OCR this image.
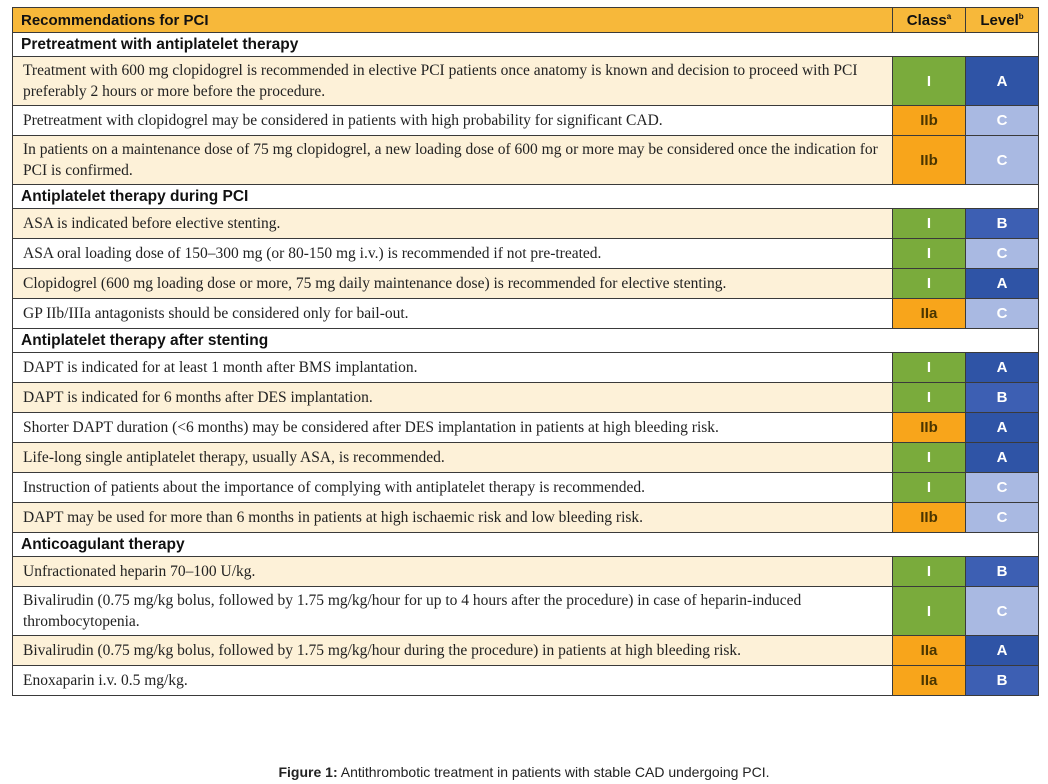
Recommendations for PCI	Class$^a$	Level$^b$
Pretreatment with antiplatelet therapy		
Treatment with 600 mg clopidogrel is recommended in elective PCI patients once anatomy is known and decision to proceed with PCI preferably 2 hours or more before the procedure.	I	A
Pretreatment with clopidogrel may be considered in patients with high probability for significant CAD.	IIb	C
In patients on a maintenance dose of 75 mg clopidogrel, a new loading dose of 600 mg or more may be considered once the indication for PCI is confirmed.	IIb	C
Antiplatelet therapy during PCI		
ASA is indicated before elective stenting.	I	B
ASA oral loading dose of 150–300 mg (or 80-150 mg i.v.) is recommended if not pre-treated.	I	C
Clopidogrel (600 mg loading dose or more, 75 mg daily maintenance dose) is recommended for elective stenting.	I	A
GP IIb/IIIa antagonists should be considered only for bail-out.	IIa	C
Antiplatelet therapy after stenting		
DAPT is indicated for at least 1 month after BMS implantation.	I	A
DAPT is indicated for 6 months after DES implantation.	I	B
Shorter DAPT duration (<6 months) may be considered after DES implantation in patients at high bleeding risk.	IIb	A
Life-long single antiplatelet therapy, usually ASA, is recommended.	I	A
Instruction of patients about the importance of complying with antiplatelet therapy is recommended.	I	C
DAPT may be used for more than 6 months in patients at high ischaemic risk and low bleeding risk.	IIb	C
Anticoagulant therapy		
Unfractionated heparin 70–100 U/kg.	I	B
Bivalirudin (0.75 mg/kg bolus, followed by 1.75 mg/kg/hour for up to 4 hours after the procedure) in case of heparin-induced thrombocytopenia.	I	C
Bivalirudin (0.75 mg/kg bolus, followed by 1.75 mg/kg/hour during the procedure) in patients at high bleeding risk.	IIa	A
Enoxaparin i.v. 0.5 mg/kg.	IIa	B
Figure 1: Antithrombotic treatment in patients with stable CAD undergoing PCI.
